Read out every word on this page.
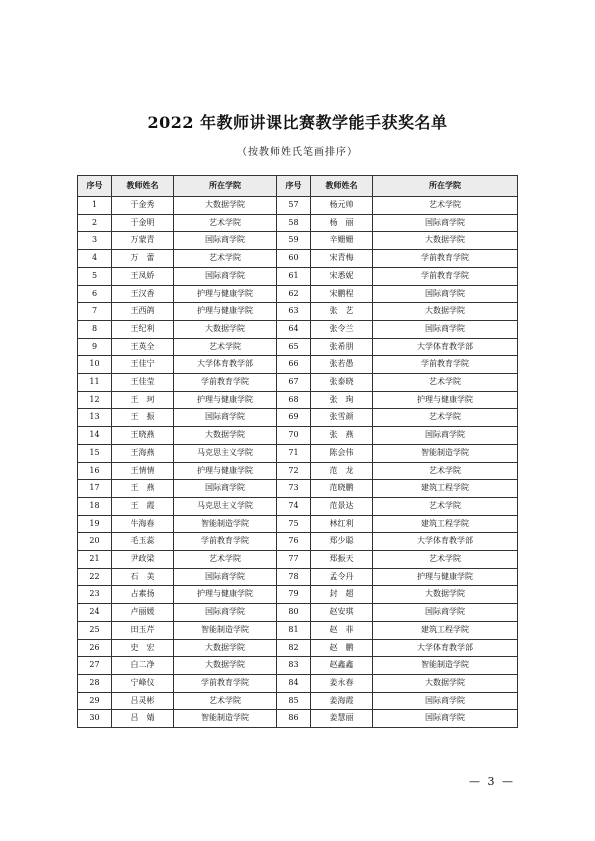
2022 年教师讲课比赛教学能手获奖名单
（按教师姓氏笔画排序）
序号	教师姓名	所在学院	序号	教师姓名	所在学院
1	于金秀	大数据学院	57	杨元帅	艺术学院
2	于金明	艺术学院	58	杨　丽	国际商学院
3	万蒙青	国际商学院	59	辛姗姗	大数据学院
4	万　蕾	艺术学院	60	宋青梅	学前教育学院
5	王凤娇	国际商学院	61	宋悉妮	学前教育学院
6	王汉香	护理与健康学院	62	宋鹏程	国际商学院
7	王西鸽	护理与健康学院	63	张　艺	大数据学院
8	王纪利	大数据学院	64	张令兰	国际商学院
9	王英全	艺术学院	65	张希朋	大学体育教学部
10	王佳宁	大学体育教学部	66	张若愚	学前教育学院
11	王佳莹	学前教育学院	67	张泰晓	艺术学院
12	王　珂	护理与健康学院	68	张　珣	护理与健康学院
13	王　振	国际商学院	69	张雪颜	艺术学院
14	王晓燕	大数据学院	70	张　燕	国际商学院
15	王海燕	马克思主义学院	71	陈会伟	智能制造学院
16	王情情	护理与健康学院	72	范　龙	艺术学院
17	王　燕	国际商学院	73	范晓鹏	建筑工程学院
18	王　霞	马克思主义学院	74	范景达	艺术学院
19	牛海春	智能制造学院	75	林红利	建筑工程学院
20	毛玉蕊	学前教育学院	76	郑少聪	大学体育教学部
21	尹政梁	艺术学院	77	郑振天	艺术学院
22	石　美	国际商学院	78	孟令丹	护理与健康学院
23	占素扬	护理与健康学院	79	封　超	大数据学院
24	卢丽媛	国际商学院	80	赵安琪	国际商学院
25	田玉芹	智能制造学院	81	赵　菲	建筑工程学院
26	史　宏	大数据学院	82	赵　鹏	大学体育教学部
27	白二净	大数据学院	83	赵鑫鑫	智能制造学院
28	宁峰仪	学前教育学院	84	姜永春	大数据学院
29	吕灵彬	艺术学院	85	姜海霞	国际商学院
30	吕　婧	智能制造学院	86	姜慧丽	国际商学院
— 3 —
